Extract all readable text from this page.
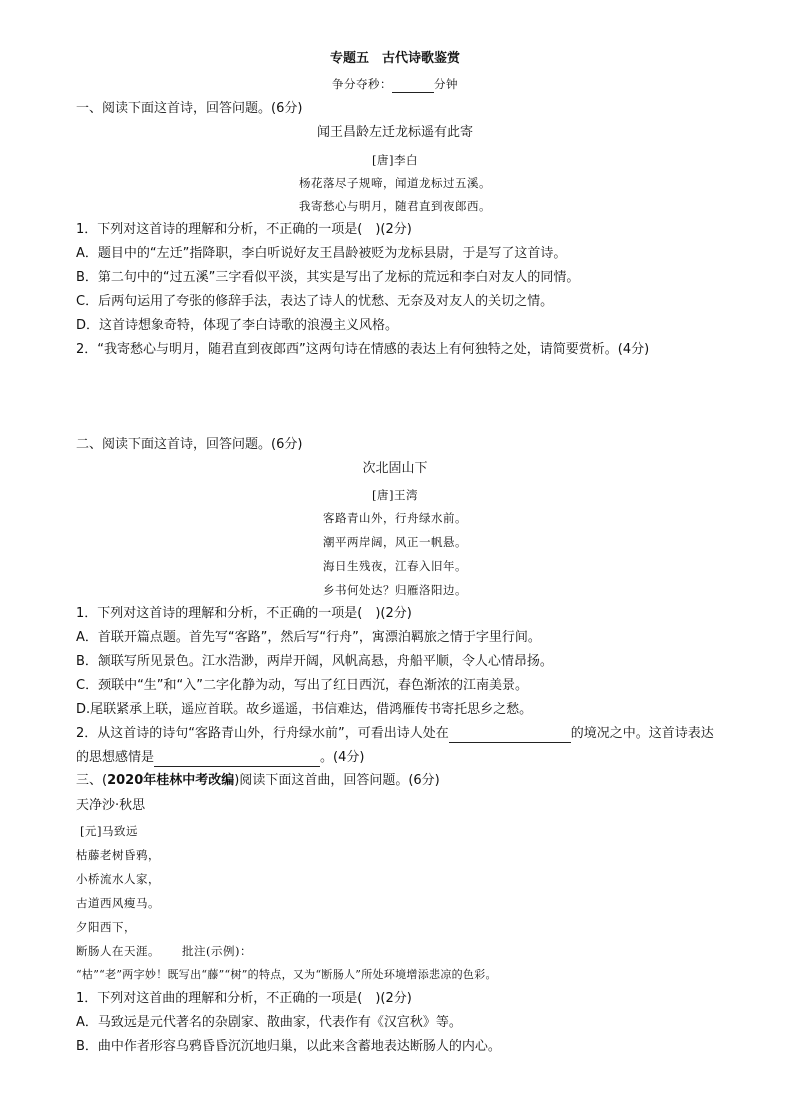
专题五　古代诗歌鉴赏
争分夺秒：	分钟
一、阅读下面这首诗，回答问题。(6分)
闻王昌龄左迁龙标遥有此寄
[唐]李白
杨花落尽子规啼，闻道龙标过五溪。
我寄愁心与明月，随君直到夜郎西。
1．下列对这首诗的理解和分析，不正确的一项是(　)(2分)
A．题目中的“左迁”指降职，李白听说好友王昌龄被贬为龙标县尉，于是写了这首诗。
B．第二句中的“过五溪”三字看似平淡，其实是写出了龙标的荒远和李白对友人的同情。
C．后两句运用了夸张的修辞手法，表达了诗人的忧愁、无奈及对友人的关切之情。
D．这首诗想象奇特，体现了李白诗歌的浪漫主义风格。
2．“我寄愁心与明月，随君直到夜郎西”这两句诗在情感的表达上有何独特之处，请简要赏析。(4分)
二、阅读下面这首诗，回答问题。(6分)
次北固山下
[唐]王湾
客路青山外，行舟绿水前。
潮平两岸阔，风正一帆悬。
海日生残夜，江春入旧年。
乡书何处达？归雁洛阳边。
1．下列对这首诗的理解和分析，不正确的一项是(　)(2分)
A．首联开篇点题。首先写“客路”，然后写“行舟”，寓漂泊羁旅之情于字里行间。
B．颔联写所见景色。江水浩渺，两岸开阔，风帆高悬，舟船平顺，令人心情昂扬。
C．颈联中“生”和“入”二字化静为动，写出了红日西沉，春色渐浓的江南美景。
D.尾联紧承上联，遥应首联。故乡遥遥，书信难达，借鸿雁传书寄托思乡之愁。
2．从这首诗的诗句“客路青山外，行舟绿水前”，可看出诗人处在	的境况之中。这首诗表达
的思想感情是	。(4分)
三、(2020年桂林中考改编)阅读下面这首曲，回答问题。(6分)
天净沙·秋思
[元]马致远
枯藤老树昏鸦，
小桥流水人家，
古道西风瘦马。
夕阳西下，
断肠人在天涯。 批注(示例)：
“枯”“老”两字妙！既写出“藤”“树”的特点，又为“断肠人”所处环境增添悲凉的色彩。
1．下列对这首曲的理解和分析，不正确的一项是(　)(2分)
A．马致远是元代著名的杂剧家、散曲家，代表作有《汉宫秋》等。
B．曲中作者形容乌鸦昏昏沉沉地归巢，以此来含蓄地表达断肠人的内心。
